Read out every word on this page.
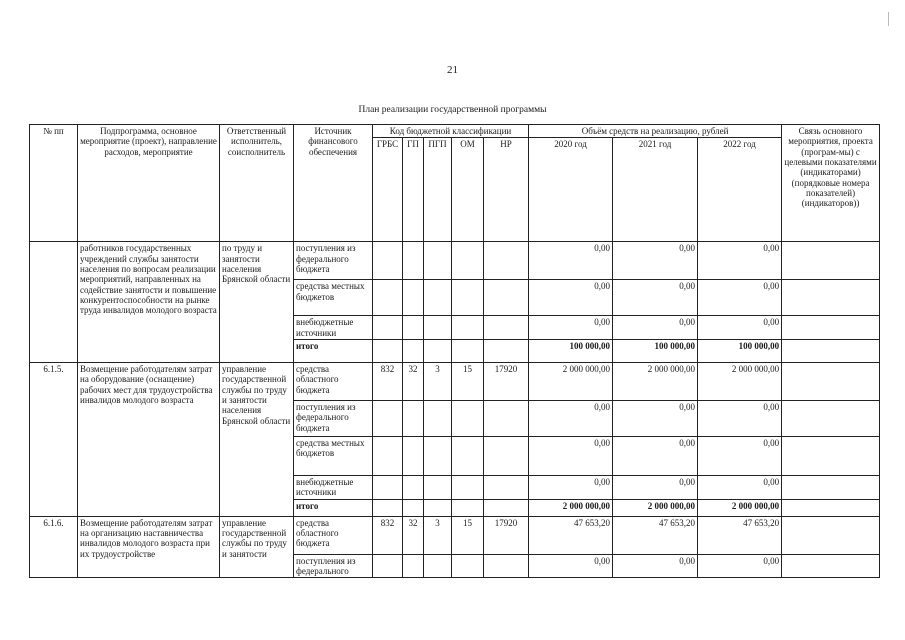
21
План реализации государственной программы
№ пп	Подпрограмма, основное мероприятие (проект), направление расходов, мероприятие	Ответственный исполнитель, соисполнитель	Источник финансового обеспечения	Код бюджетной классификации					Объём средств на реализацию, рублей			Связь основного мероприятия, проекта (програм-мы) с целевыми показателями (индикаторами) (порядковые номера показателей) (индикаторов))
				ГРБС	ГП	ПГП	ОМ	НР	2020 год	2021 год	2022 год	
	работников государственных учреждений службы занятости населения по вопросам реализации мероприятий, направленных на содействие занятости и повышение конкурентоспособности на рынке труда инвалидов молодого возраста	по труду и занятости населения Брянской области	поступления из федерального бюджета						0,00	0,00	0,00	
			средства местных бюджетов						0,00	0,00	0,00	
			внебюджетные источники						0,00	0,00	0,00	
			итого						100 000,00	100 000,00	100 000,00	
6.1.5.	Возмещение работодателям затрат на оборудование (оснащение) рабочих мест для трудоустройства инвалидов молодого возраста	управление государственной службы по труду и занятости населения Брянской области	средства областного бюджета	832	32	3	15	17920	2 000 000,00	2 000 000,00	2 000 000,00	
			поступления из федерального бюджета						0,00	0,00	0,00	
			средства местных бюджетов						0,00	0,00	0,00	
			внебюджетные источники						0,00	0,00	0,00	
			итого						2 000 000,00	2 000 000,00	2 000 000,00	
6.1.6.	Возмещение работодателям затрат на организацию наставничества инвалидов молодого возраста при их трудоустройстве	управление государственной службы по труду и занятости	средства областного бюджета	832	32	3	15	17920	47 653,20	47 653,20	47 653,20	
			поступления из федерального						0,00	0,00	0,00	
